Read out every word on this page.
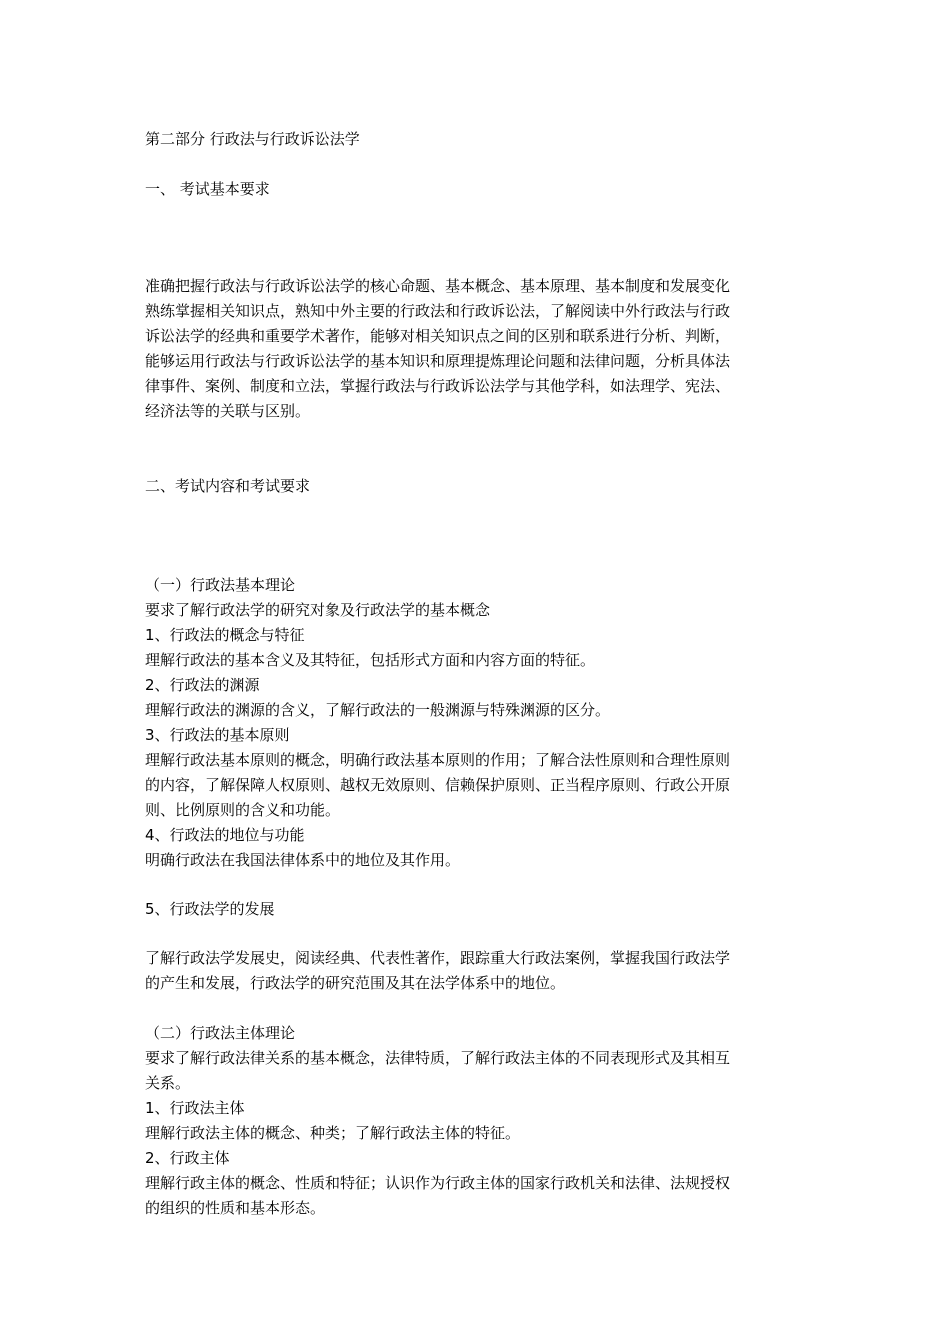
第二部分 行政法与行政诉讼法学

一、 考试基本要求

准确把握行政法与行政诉讼法学的核心命题、基本概念、基本原理、基本制度和发展变化

熟练掌握相关知识点，熟知中外主要的行政法和行政诉讼法，了解阅读中外行政法与行政

诉讼法学的经典和重要学术著作，能够对相关知识点之间的区别和联系进行分析、判断，

能够运用行政法与行政诉讼法学的基本知识和原理提炼理论问题和法律问题，分析具体法

律事件、案例、制度和立法，掌握行政法与行政诉讼法学与其他学科，如法理学、宪法、

经济法等的关联与区别。

二、考试内容和考试要求

（一）行政法基本理论

要求了解行政法学的研究对象及行政法学的基本概念

1、行政法的概念与特征

理解行政法的基本含义及其特征，包括形式方面和内容方面的特征。

2、行政法的渊源

理解行政法的渊源的含义，了解行政法的一般渊源与特殊渊源的区分。

3、行政法的基本原则

理解行政法基本原则的概念，明确行政法基本原则的作用；了解合法性原则和合理性原则

的内容，了解保障人权原则、越权无效原则、信赖保护原则、正当程序原则、行政公开原

则、比例原则的含义和功能。

4、行政法的地位与功能

明确行政法在我国法律体系中的地位及其作用。

5、行政法学的发展

了解行政法学发展史，阅读经典、代表性著作，跟踪重大行政法案例，掌握我国行政法学

的产生和发展，行政法学的研究范围及其在法学体系中的地位。

（二）行政法主体理论

要求了解行政法律关系的基本概念，法律特质，了解行政法主体的不同表现形式及其相互

关系。

1、行政法主体

理解行政法主体的概念、种类；了解行政法主体的特征。

2、行政主体

理解行政主体的概念、性质和特征；认识作为行政主体的国家行政机关和法律、法规授权

的组织的性质和基本形态。
